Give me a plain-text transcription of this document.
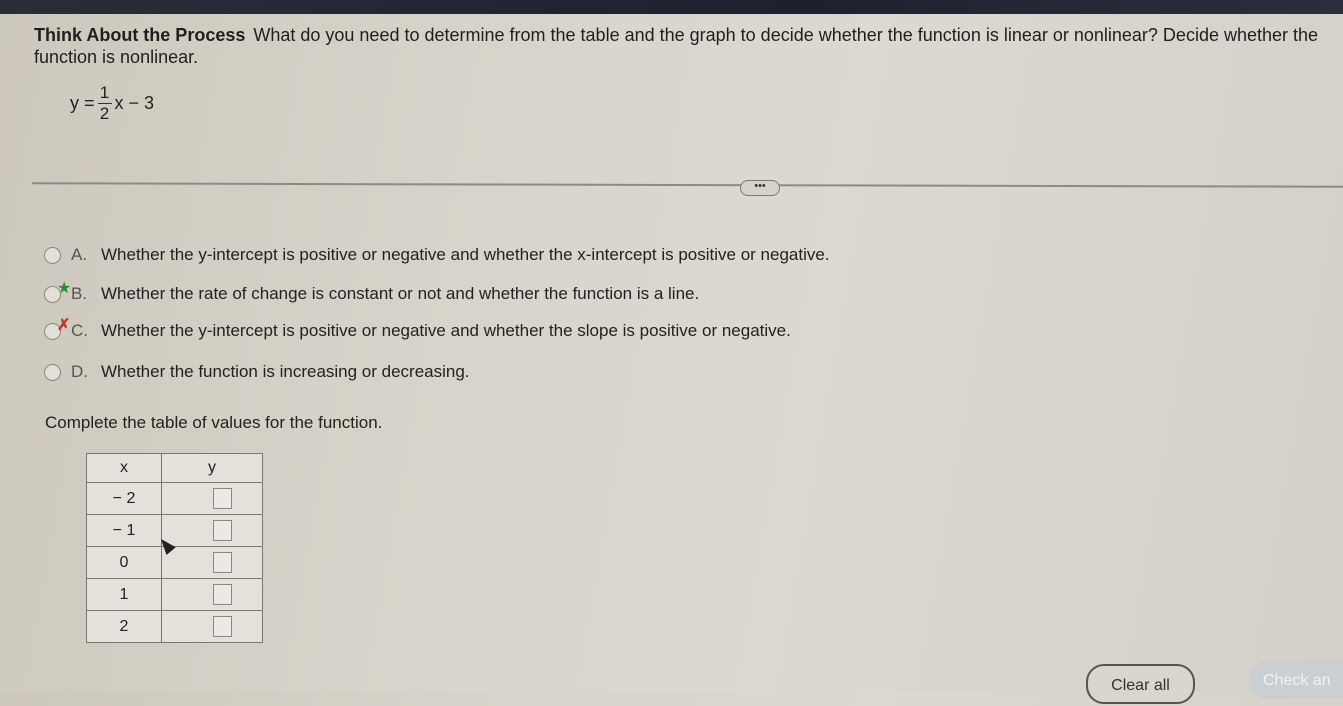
Think About the Process What do you need to determine from the table and the graph to decide whether the function is linear or nonlinear? Decide whether the function is nonlinear.
$y = \frac{1}{2}$ x − 3
•••
A. Whether the y-intercept is positive or negative and whether the x-intercept is positive or negative.
★ B. Whether the rate of change is constant or not and whether the function is a line.
✗ C. Whether the y-intercept is positive or negative and whether the slope is positive or negative.
D. Whether the function is increasing or decreasing.
Complete the table of values for the function.
x	y
− 2	
− 1	
0	
1	
2	
Clear all	Check an
